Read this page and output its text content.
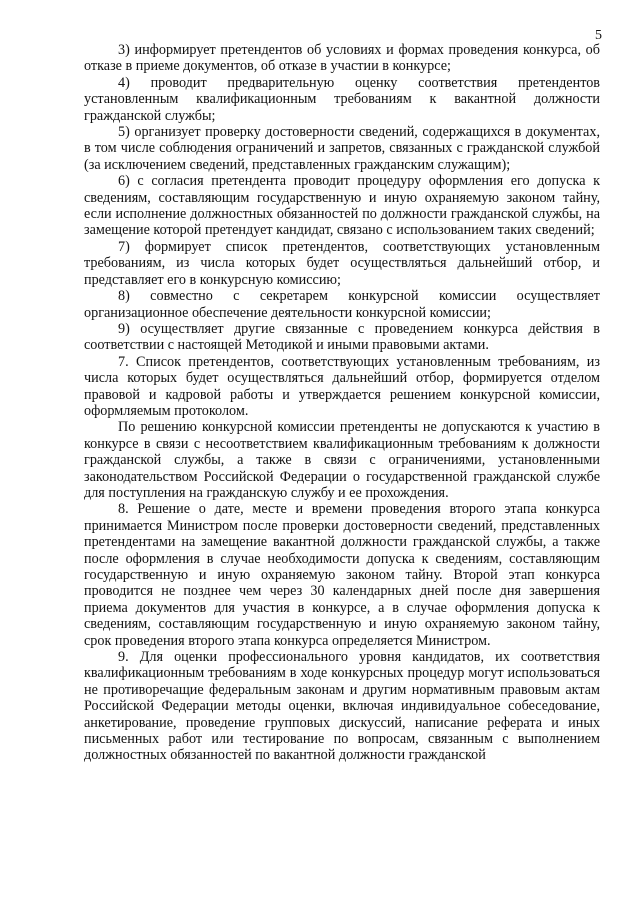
5

3) информирует претендентов об условиях и формах проведения конкурса, об отказе в приеме документов, об отказе в участии в конкурсе;

4) проводит предварительную оценку соответствия претендентов установленным квалификационным требованиям к вакантной должности гражданской службы;

5) организует проверку достоверности сведений, содержащихся в документах, в том числе соблюдения ограничений и запретов, связанных с гражданской службой (за исключением сведений, представленных гражданским служащим);

6) с согласия претендента проводит процедуру оформления его допуска к сведениям, составляющим государственную и иную охраняемую законом тайну, если исполнение должностных обязанностей по должности гражданской службы, на замещение которой претендует кандидат, связано с использованием таких сведений;

7) формирует список претендентов, соответствующих установленным требованиям, из числа которых будет осуществляться дальнейший отбор, и представляет его в конкурсную комиссию;

8) совместно с секретарем конкурсной комиссии осуществляет организационное обеспечение деятельности конкурсной комиссии;

9) осуществляет другие связанные с проведением конкурса действия в соответствии с настоящей Методикой и иными правовыми актами.

7. Список претендентов, соответствующих установленным требованиям, из числа которых будет осуществляться дальнейший отбор, формируется отделом правовой и кадровой работы и утверждается решением конкурсной комиссии, оформляемым протоколом.

По решению конкурсной комиссии претенденты не допускаются к участию в конкурсе в связи с несоответствием квалификационным требованиям к должности гражданской службы, а также в связи с ограничениями, установленными законодательством Российской Федерации о государственной гражданской службе для поступления на гражданскую службу и ее прохождения.

8. Решение о дате, месте и времени проведения второго этапа конкурса принимается Министром после проверки достоверности сведений, представленных претендентами на замещение вакантной должности гражданской службы, а также после оформления в случае необходимости допуска к сведениям, составляющим государственную и иную охраняемую законом тайну. Второй этап конкурса проводится не позднее чем через 30 календарных дней после дня завершения приема документов для участия в конкурсе, а в случае оформления допуска к сведениям, составляющим государственную и иную охраняемую законом тайну, срок проведения второго этапа конкурса определяется Министром.

9. Для оценки профессионального уровня кандидатов, их соответствия квалификационным требованиям в ходе конкурсных процедур могут использоваться не противоречащие федеральным законам и другим нормативным правовым актам Российской Федерации методы оценки, включая индивидуальное собеседование, анкетирование, проведение групповых дискуссий, написание реферата и иных письменных работ или тестирование по вопросам, связанным с выполнением должностных обязанностей по вакантной должности гражданской
